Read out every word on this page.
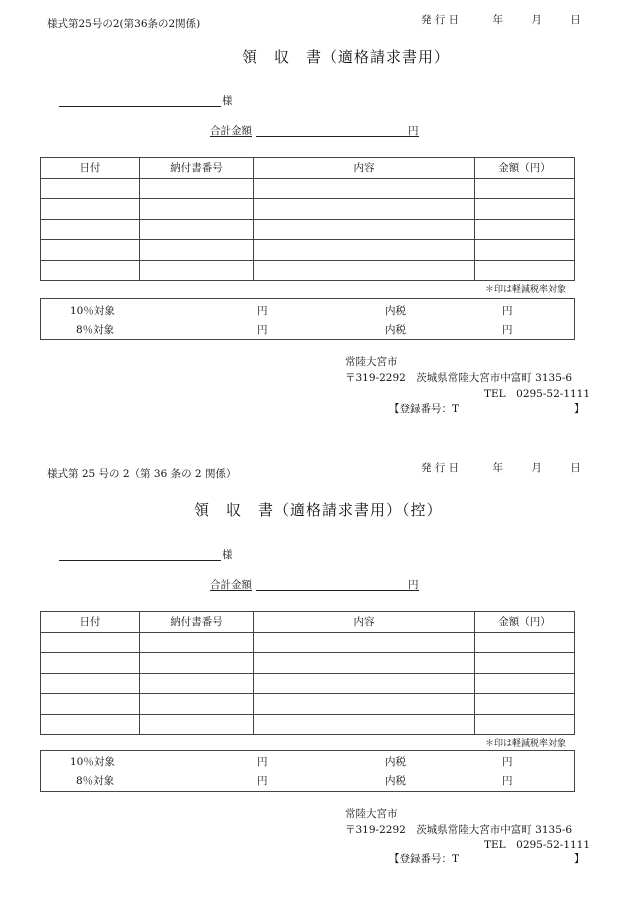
様式第25号の2(第36条の2関係)	発 行 日	年	月	日
領　収　書（適格請求書用）
様
合計金額	円
日付	納付書番号	内容	金額（円）

＊印は軽減税率対象
10％対象	円	内税	円
8％対象	円	内税	円
常陸大宮市
〒319-2292　茨城県常陸大宮市中富町 3135-6
TEL　0295-52-1111
【登録番号：T	】
様式第 25 号の 2（第 36 条の 2 関係）	発 行 日	年	月	日
領　収　書（適格請求書用）（控）
様
合計金額	円
日付	納付書番号	内容	金額（円）

＊印は軽減税率対象
10％対象	円	内税	円
8％対象	円	内税	円
常陸大宮市
〒319-2292　茨城県常陸大宮市中富町 3135-6
TEL　0295-52-1111
【登録番号：T	】
